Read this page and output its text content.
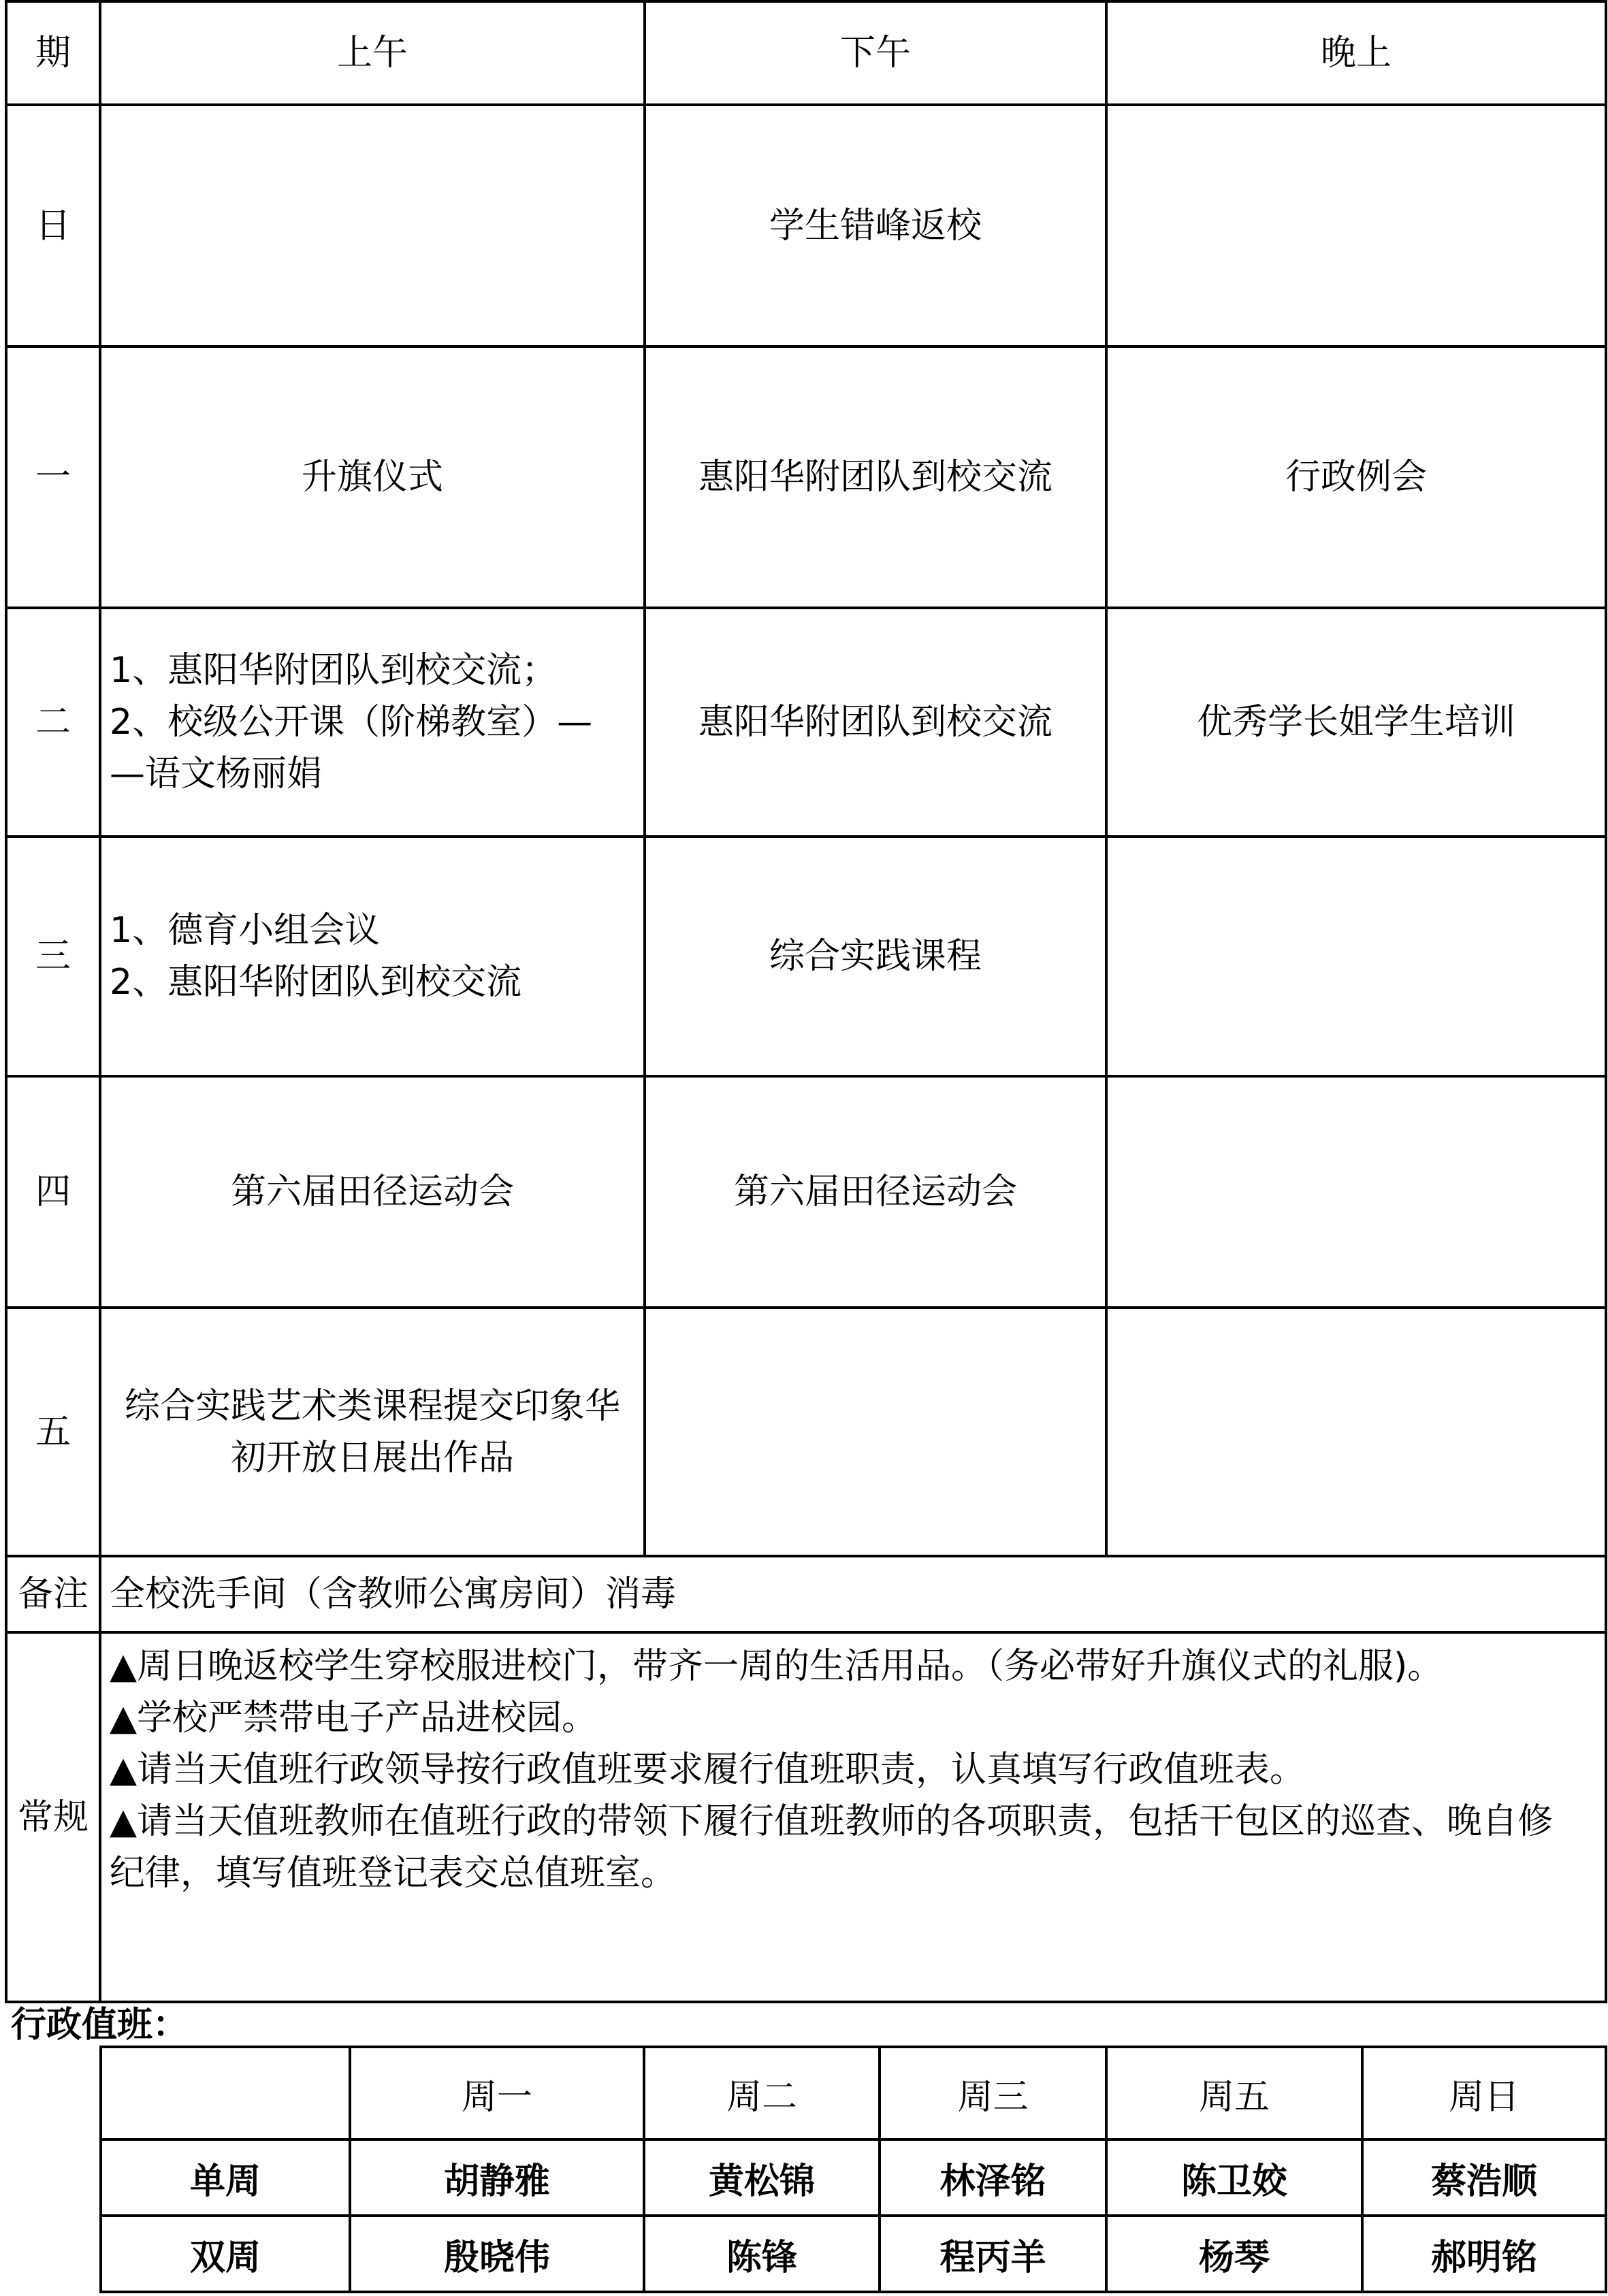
期	上午	下午	晚上
日		学生错峰返校	

一	升旗仪式	惠阳华附团队到校交流	行政例会

二	1、惠阳华附团队到校交流；
2、校级公开课（阶梯教室）—
—语文杨丽娟	惠阳华附团队到校交流	优秀学长姐学生培训

三	1、德育小组会议
2、惠阳华附团队到校交流	综合实践课程	

四	第六届田径运动会	第六届田径运动会	

五	综合实践艺术类课程提交印象华
初开放日展出作品		

备注	全校洗手间（含教师公寓房间）消毒		
常规	▲周日晚返校学生穿校服进校门，带齐一周的生活用品。（务必带好升旗仪式的礼服)。
▲学校严禁带电子产品进校园。
▲请当天值班行政领导按行政值班要求履行值班职责，认真填写行政值班表。
▲请当天值班教师在值班行政的带领下履行值班教师的各项职责，包括干包区的巡查、晚自修
纪律，填写值班登记表交总值班室。		
行政值班：
	周一	周二	周三	周五	周日
单周	胡静雅	黄松锦	林泽铭	陈卫姣	蔡浩顺
双周	殷晓伟	陈锋	程丙羊	杨琴	郝明铭
